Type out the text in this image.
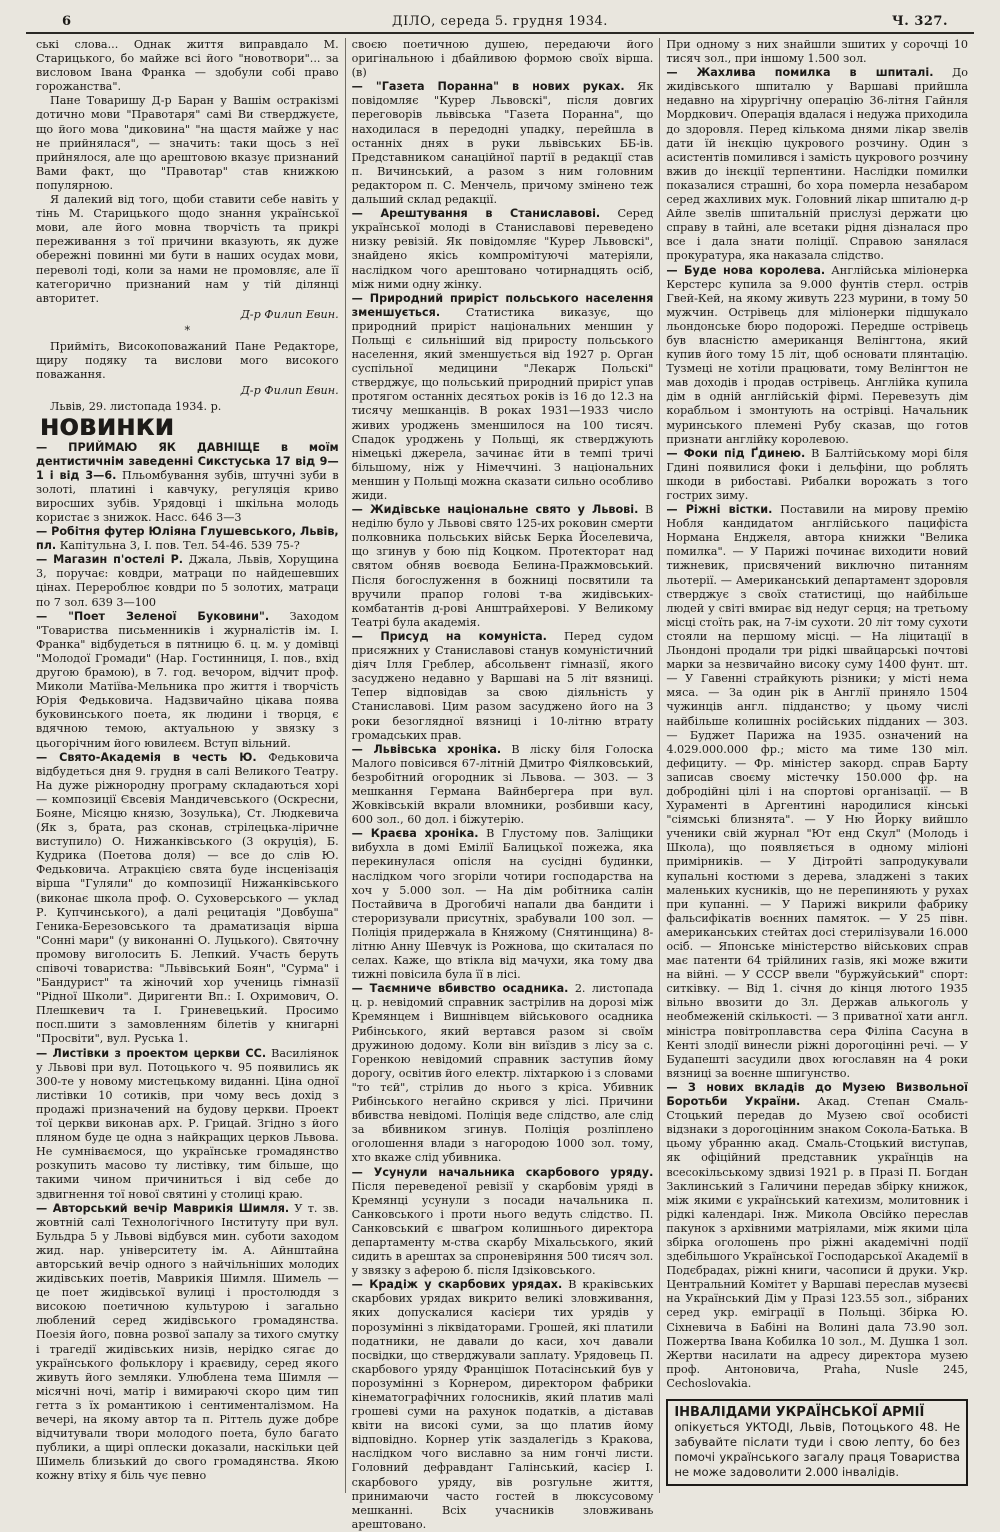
6	ДІЛО, середа 5. грудня 1934.	Ч. 327.

ські слова... Однак життя виправдало М. Старицького, бо майже всі його "новотвори"... за висловом Івана Франка — здобули собі право горожанства".

Пане Товаришу Д-р Баран у Вашім остракізмі дотично мови "Правотаря" самі Ви стверджуєте, що його мова "диковина" "на щастя майже у нас не прийнялася", — значить: таки щось з неї прийнялося, але що арештовою вказує признаний Вами факт, що "Правотар" став книжкою популярною.

Я далекий від того, щоби ставити себе навіть у тінь М. Старицького щодо знання української мови, але його мовна творчість та прикрі переживання з тої причини вказують, як дуже обережні повинні ми бути в наших осудах мови, переволі тоді, коли за нами не промовляє, але її категорично признаний нам у тій ділянці авторитет.

Д-р Филип Евин.
*

Прийміть, Високоповажаний Пане Редакторе, щиру подяку та вислови мого високого поважання.

Д-р Филип Евин.

Львів, 29. листопада 1934. р.

НОВИНКИ

— ПРИЙМАЮ ЯК ДАВНІЩЕ в моїм дентистичнім заведенні Сикстуська 17 від 9—1 і від 3—6. Пльомбування зубів, штучні зуби в золоті, платині і кавчуку, регуляція криво виросших зубів. Урядовці і шкільна молодь користає з знижок. Насс. 646 3—3

— Робітня футер Юліяна Глушевського, Львів, пл. Капітульна 3, І. пов. Тел. 54-46. 539 75-?

— Магазин п'остелі Р. Джала, Львів, Хорущина 3, поручає: ковдри, матраци по найдешевших цінах. Перероблює ковдри по 5 золотих, матраци по 7 зол. 639 3—100

— "Поет Зеленої Буковини". Заходом "Товариства письменників і журналістів ім. І. Франка" відбудеться в пятницю 6. ц. м. у домівці "Молодої Громади" (Нар. Гостинниця, І. пов., вхід другою брамою), в 7. год. вечором, відчит проф. Миколи Матіїва-Мельника про життя і творчість Юрія Федьковича. Надзвичайно цікава появa буковинського поета, як людини і творця, є вдячною темою, актуальною у звязку з цьогорічним його ювилеєм. Вступ вільний.

— Свято-Академія в честь Ю. Федьковича відбудеться дня 9. грудня в салі Великого Театру. На дуже ріжнородну програму складаються хорі — композиції Євсевія Мандичевського (Оскресни, Бояне, Місяцю князю, Зозулька), Ст. Людкевича (Як з, брата, раз сконав, стрілецька-ліричне виступило) О. Нижанківського (3 окруція), Б. Кудрика (Поетова доля) — все до слів Ю. Федьковича. Атракцією свята буде інсценізація вірша "Гуляли" до композиції Нижанківського (виконає школа проф. О. Суховерського — уклад Р. Купчинського), а далі рецитація "Довбуша" Геника-Березовського та драматизація вірша "Сонні мари" (у виконанні О. Луцького). Святочну промову виголосить Б. Лепкий. Участь беруть співочі товариства: "Львівський Боян", "Сурма" і "Бандурист" та жіночий хор учениць гімназії "Рідної Школи". Диригенти Вп.: І. Охримович, О. Плешкевич та І. Гриневецький. Просимо посп.шити з замовленням білетів у книгарні "Просвіти", вул. Руська 1.

— Листівки з проектом церкви СС. Василіянок у Львові при вул. Потоцького ч. 95 появились як 300-те у новому мистецькому виданні. Ціна одної листівки 10 сотиків, при чому весь дохід з продажі призначений на будову церкви. Проект тої церкви виконав арх. Р. Грицай. Згідно з його пляном буде це одна з найкращих церков Львова. Не сумніваємося, що українське громадянство розкупить масово ту листівку, тим більше, що такими чином причиниться і від себе до здвигнення тої нової святині у столиці краю.

— Авторський вечір Маврикія Шимля. У т. зв. жовтній салі Технологічного Інституту при вул. Бульдра 5 у Львові відбувся мин. суботи заходом жид. нар. університету ім. А. Айнштайна авторський вечір одного з найчільніших молодих жидівських поетів, Маврикія Шимля. Шимель — це поет жидівської вулиці і простолюддя з високою поетичною культурою і загально люблений серед жидівського громадянства. Поезія його, повна розвої запалу за тихого смутку і трагедії жидівських низів, нерідко сягає до українського фольклору і краєвиду, серед якого живуть його земляки. Улюблена тема Шимля — місячні ночі, матір і вимираючі скоро цим тип гетта з їх романтикою і сентименталізмом. На вечері, на якому автор та п. Ріттель дуже добре відчитували твори молодого поета, було багато публики, а щирі оплески доказали, наскільки цей Шимель близький до свого громадянства. Якою кожну втіху я біль чує певно

своєю поетичною душею, передаючи його оригінальною і дбайливою формою своїх вірша. (в)

— "Газета Поранна" в нових руках. Як повідомляє "Курер Львовскі", після довгих переговорів львівська "Газета Поранна", що находилася в передодні упадку, перейшла в останніх днях в руки львівських ББ-ів. Представником санаційної партії в редакції став п. Вичинський, а разом з ним головним редактором п. С. Менчель, причому змінено теж дальший склад редакції.

— Арештування в Станиславові. Серед української молоді в Станиславові переведено низку ревізій. Як повідомляє "Курер Львовскі", знайдено якісь компромітуючі матеріяли, наслідком чого арештовано чотирнадцять осіб, між ними одну жінку.

— Природний приріст польського населення зменшується. Статистика виказує, що природний приріст національних меншин у Польщі є сильніший від приросту польського населення, який зменшується від 1927 р. Орган суспільної медицини "Лекарж Польскі" стверджує, що польський природний приріст упав протягом останніх десятьох років із 16 до 12.3 на тисячу мешканців. В роках 1931—1933 число живих уроджень зменшилося на 100 тисяч. Спадок уроджень у Польщі, як стверджують німецькі джерела, зачинає йти в темпі тричі більшому, ніж у Німеччині. З національних меншин у Польщі можна сказати сильно особливо жиди.

— Жидівське національне свято у Львові. В неділю було у Львові свято 125-их роковин смерти полковника польських військ Берка Йоселевича, що згинув у бою під Коцком. Протекторат над святом обняв воєвода Белина-Пражмовський. Після богослуження в божниці посвятили та вручили прапор голові т-ва жидівських-комбатантів д-рові Анштрайхерові. У Великому Театрі була академія.

— Присуд на комуніста. Перед судом присяжних у Станиславові станув комуністичний діяч Ілля Греблер, абсольвент гімназії, якого засуджено недавно у Варшаві на 5 літ вязниці. Тепер відповідав за свою діяльність у Станиславові. Цим разом засуджено його на 3 роки безоглядної вязниці і 10-літню втрату громадських прав.

— Львівська хроніка. В ліску біля Голоска Малого повісився 67-літній Дмитро Фіялковський, безробітний огородник зі Львова. — 303. — З мешкання Германа Вайнбергера при вул. Жовківській вкрали вломники, розбивши касу, 600 зол., 60 дол. і біжутерію.

— Краєва хроніка. В Глустому пов. Заліщики вибухла в домі Емілії Балицької пожежа, яка перекинулася опісля на сусідні будинки, наслідком чого згоріли чотири господарства на хоч у 5.000 зол. — На дім робітника салін Постайвича в Дрогобичі напали два бандити і стероризували присутніх, зрабували 100 зол. — Поліція придержала в Княжому (Снятинщина) 8-літню Анну Шевчук із Рожнова, що скиталася по селах. Каже, що втікла від мачухи, яка тому два тижні повісила була її в лісі.

— Таємниче вбивство осадника. 2. листопада ц. р. невідомий справник застрілив на дорозі між Кремянцем і Вишнівцем військового осадника Рибінського, який вертався разом зі своїм дружиною додому. Коли він виїздив з лісу за с. Горенкою невідомий справник заступив йому дорогу, освітив його електр. ліхтаркою і з словами "то тєй", стрілив до нього з кріса. Убивник Рибінського негайно скрився у лісі. Причини вбивства невідомі. Поліція веде слідство, але слід за вбивником згинув. Поліція розліплено оголошення влади з нагородою 1000 зол. тому, хто вкаже слід убивника.

— Усунули начальника скарбового уряду. Після переведеної ревізії у скарбовім уряді в Кремянці усунули з посади начальника п. Санковського і проти нього ведуть слідство. П. Санковський є шваґром колишнього директора департаменту м-ства скарбу Міхальського, який сидить в арештах за спроневіряння 500 тисяч зол. у звязку з аферою б. після Ідзіковського.

— Крадіж у скарбових урядах. В краківських скарбових урядах викрито великі зловживання, яких допускалися касієри тих урядів у порозумінні з ліквідаторами. Грошей, які платили податники, не давали до каси, хоч давали посвідки, що стверджували заплату. Урядовець П. скарбового уряду Францішок Потасінський був у порозумінні з Корнером, директором фабрики кінематографічних голосників, який платив малі грошеві суми на рахунок податків, а діставав квіти на високі суми, за що платив йому відповідно. Корнер утік заздалегідь з Кракова, наслідком чого виславно за ним гончі листи. Головний дефравдант Галінський, касієр І. скарбового уряду, вів розгульне життя, принимаючи часто гостей в люксусовому мешканні. Всіх учасників зловживань арештовано.

При одному з них знайшли зшитих у сорочці 10 тисяч зол., при іншому 1.500 зол.

— Жахлива помилка в шпиталі. До жидівського шпиталю у Варшаві прийшла недавно на хірургічну операцію 36-літня Гайнля Мордкович. Операція вдалася і недужа приходила до здоровля. Перед кількома днями лікар звелів дати їй інєкцію цукрового розчину. Один з асистентів помилився і замість цукрового розчину вжив до інєкції терпентини. Наслідки помилки показалися страшні, бо хора померла незабаром серед жахливих мук. Головний лікар шпиталю д-р Айле звелів шпитальній прислузі держати цю справу в тайні, але всетаки рідня дізналася про все і дала знати поліції. Справою занялася прокуратура, яка наказала слідство.

— Буде нова королева. Англійська міліонерка Керстерс купила за 9.000 фунтів стерл. острів Гвей-Кей, на якому живуть 223 мурини, в тому 50 мужчин. Острівець для міліонерки підшукало льондонське бюро подорожі. Передше острівець був власністю американця Велінгтона, який купив його тому 15 літ, щоб основати плянтацію. Тузмеці не хотіли працювати, тому Велінгтон не мав доходів і продав острівець. Англійка купила дім в одній англійській фірмі. Перевезуть дім корабльом і змонтують на острівці. Начальник муринського племені Рубу сказав, що готов признати англійку королевою.

— Фоки під Ґдинею. В Балтійському морі біля Гдині появилися фоки і дельфіни, що роблять шкоди в рибоставі. Рибалки ворожать з того гострих зиму.

— Ріжні вістки. Поставили на мирову премію Нобля кандидатом англійського пацифіста Нормана Енджеля, автора книжки "Велика помилка". — У Парижі починає виходити новий тижневик, присвячений виключно питанням льотерії. — Американський департамент здоровля стверджує з своїх статистиці, що найбільше людей у світі вмирає від недуг серця; на третьому місці стоїть рак, на 7-ім сухоти. 20 літ тому сухоти стояли на першому місці. — На ліцитації в Льондоні продали три рідкі швайцарські почтові марки за незвичайно високу суму 1400 фунт. шт. — У Гавенні страйкують різники; у місті нема мяса. — За один рік в Англії приняло 1504 чужинців англ. підданство; у цьому числі найбільше колишніх російських підданих — 303. — Буджет Парижа на 1935. означений на 4.029.000.000 фр.; місто ма тиме 130 міл. дефициту. — Фр. міністер закорд. справ Барту записав своєму містечку 150.000 фр. на добродійні цілі і на спортові організації. — В Хураменті в Аргентині народилися кінські "сіямські близнята". — У Ню Йорку вийшло ученики свій журнал "Ют енд Скул" (Молодь і Школа), що появляється в одному міліоні примірників. — У Дітройті запродукували купальні костюми з дерева, зладжені з таких маленьких кусників, що не перепиняють у рухах при купанні. — У Парижі викрили фабрику фальсифікатів воєнних памяток. — У 25 півн. американських стейтах досі стерилізували 16.000 осіб. — Японське міністерство військових справ має патенти 64 трійлиних газів, які може вжити на війні. — У СССР ввели "буржуйський" спорт: ситківку. — Від 1. січня до кінця лютого 1935 вільно ввозити до Зл. Держав алькоголь у необмеженій скількості. — З приватної хати англ. міністра повітроплавства сера Філіпа Сасуна в Кенті злодії винесли ріжні дорогоцінні речі. — У Будапешті засудили двох югославян на 4 роки вязниці за воєнне шпигунство.

— З нових вкладів до Музею Визвольної Боротьби України. Акад. Степан Смаль-Стоцький передав до Музею свої особисті відзнаки з дорогоцінним знаком Сокола-Батька. В цьому убранню акад. Смаль-Стоцький виступав, як офіційний представник українців на всесокільському здвизі 1921 р. в Празі П. Богдан Заклинський з Галичини передав збірку книжок, між якими є український катехизм, молитовник і рідкі календарі. Інж. Микола Овсійко переслав пакунок з архівними матріялами, між якими ціла збірка оголошень про ріжні академічні події здебільшого Української Господарської Академії в Подєбрадах, ріжні книги, часописи й друки. Укр. Центральний Комітет у Варшаві переслав музеєві на Український Дім у Празі 123.55 зол., зібраних серед укр. еміграції в Польщі. Збірка Ю. Сіхневича в Бабіні на Волині дала 73.90 зол. Пожертва Івана Кобилка 10 зол., М. Душка 1 зол. Жертви насилати на адресу директора музею проф. Антоновича, Praha, Nusle 245, Cechoslovakia.

ІНВАЛІДАМИ УКРАЇНСЬКОЇ АРМІЇ

опікується УКТОДІ, Львів, Потоцького 48. Не забувайте післати туди і свою лепту, бо без помочі українського загалу праця Товариства не може задоволити 2.000 інвалідів.
